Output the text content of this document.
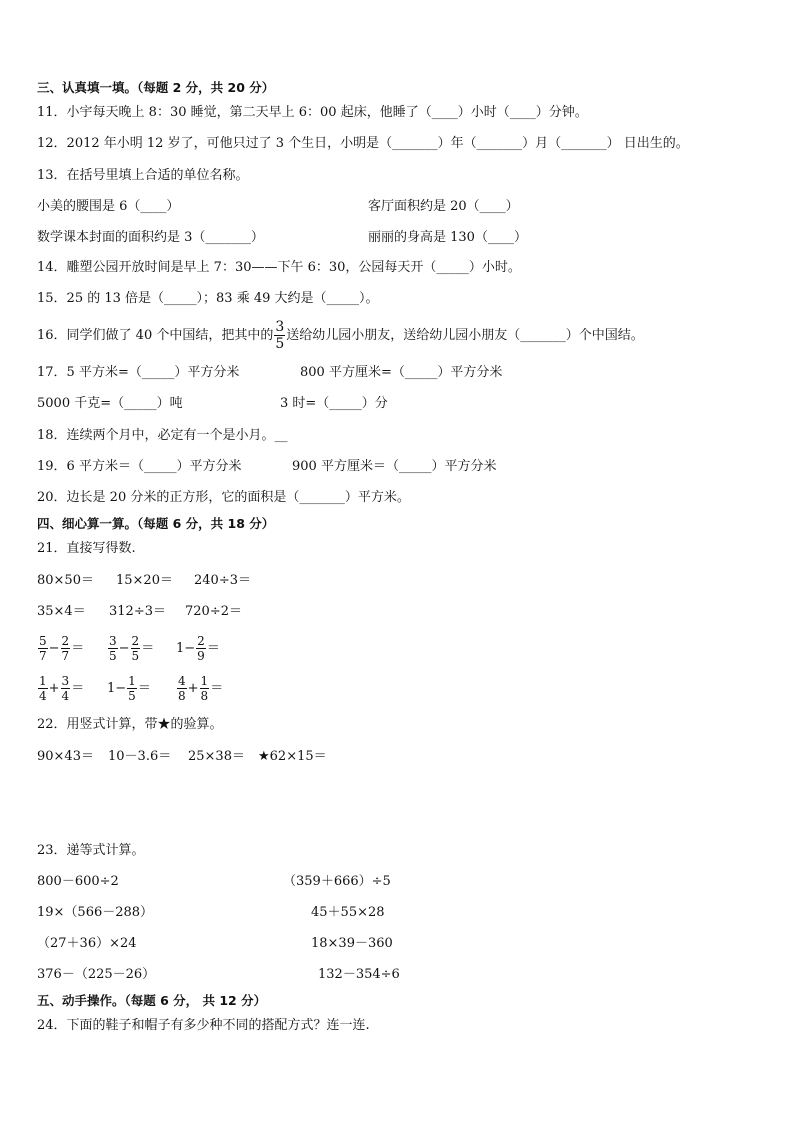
三、认真填一填。（每题 2 分，共 20 分）
11．小宇每天晚上 8：30 睡觉，第二天早上 6：00 起床，他睡了（____）小时（____）分钟。
12．2012 年小明 12 岁了，可他只过了 3 个生日，小明是（_______）年（_______）月（_______） 日出生的。
13．在括号里填上合适的单位名称。
小美的腰围是 6（____）	客厅面积约是 20（____）
数学课本封面的面积约是 3（_______）	丽丽的身高是 130（____）
14．雕塑公园开放时间是早上 7：30——下午 6：30，公园每天开（_____）小时。
15．25 的 13 倍是（_____）；83 乘 49 大约是（_____）。
16．同学们做了 40 个中国结，把其中的 $\frac{3}{5}$ 送给幼儿园小朋友，送给幼儿园小朋友（_______）个中国结。
17．5 平方米=（_____）平方分米	800 平方厘米=（_____）平方分米
5000 千克=（_____）吨	3 时=（_____）分
18．连续两个月中，必定有一个是小月。__
19．6 平方米＝（_____）平方分米	900 平方厘米＝（_____）平方分米
20．边长是 20 分米的正方形，它的面积是（_______）平方米。
四、细心算一算。（每题 6 分，共 18 分）
21．直接写得数.
80×50＝ 15×20＝ 240÷3＝
35×4＝ 312÷3＝ 720÷2＝
$\frac{5}{7} - \frac{2}{7} = \frac{3}{5} - \frac{2}{5} = 1- \frac{2}{9}$ ＝
$\frac{1}{4} + \frac{3}{4} = 1- \frac{1}{5} = \frac{4}{8} + \frac{1}{8}$ ＝
22．用竖式计算，带★的验算。
90×43＝ 10－3.6＝ 25×38＝ ★62×15＝
23．递等式计算。
800－600÷2	（359＋666）÷5
19×（566－288）	45＋55×28
（27＋36）×24	18×39－360
376－（225－26）	132－354÷6
五、动手操作。（每题 6 分， 共 12 分）
24．下面的鞋子和帽子有多少种不同的搭配方式？连一连.
